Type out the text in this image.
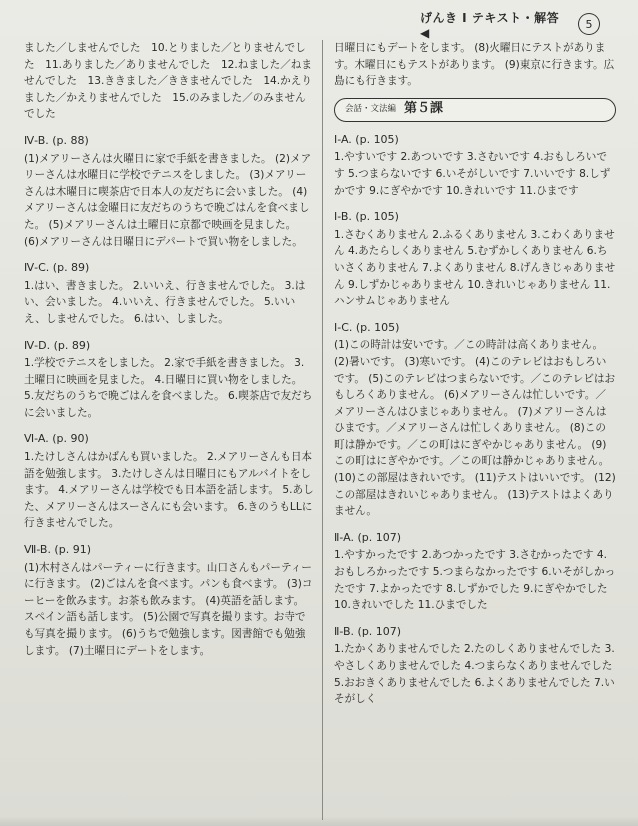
げんき I テキスト・解答◀
5

ました／しませんでした　10.とりました／とりませんでした　11.ありました／ありませんでした　12.ねました／ねませんでした　13.ききました／ききませんでした　14.かえりました／かえりませんでした　15.のみました／のみませんでした

Ⅳ-B. (p. 88)

(1)メアリーさんは火曜日に家で手紙を書きました。 (2)メアリーさんは水曜日に学校でテニスをしました。 (3)メアリーさんは木曜日に喫茶店で日本人の友だちに会いました。 (4)メアリーさんは金曜日に友だちのうちで晩ごはんを食べました。 (5)メアリーさんは土曜日に京都で映画を見ました。 (6)メアリーさんは日曜日にデパートで買い物をしました。

Ⅳ-C. (p. 89)

1.はい、書きました。 2.いいえ、行きませんでした。 3.はい、会いました。 4.いいえ、行きませんでした。 5.いいえ、しませんでした。 6.はい、しました。

Ⅳ-D. (p. 89)

1.学校でテニスをしました。 2.家で手紙を書きました。 3.土曜日に映画を見ました。 4.日曜日に買い物をしました。 5.友だちのうちで晩ごはんを食べました。 6.喫茶店で友だちに会いました。

Ⅵ-A. (p. 90)

1.たけしさんはかばんも買いました。 2.メアリーさんも日本語を勉強します。 3.たけしさんは日曜日にもアルバイトをします。 4.メアリーさんは学校でも日本語を話します。 5.あした、メアリーさんはスーさんにも会います。 6.きのうもLLに行きませんでした。

Ⅶ-B. (p. 91)

(1)木村さんはパーティーに行きます。山口さんもパーティーに行きます。 (2)ごはんを食べます。パンも食べます。 (3)コーヒーを飲みます。お茶も飲みます。 (4)英語を話します。スペイン語も話します。 (5)公園で写真を撮ります。お寺でも写真を撮ります。 (6)うちで勉強します。図書館でも勉強します。 (7)土曜日にデートをします。

日曜日にもデートをします。 (8)火曜日にテストがあります。木曜日にもテストがあります。 (9)東京に行きます。広島にも行きます。

会話・文法編 第５課
Ⅰ-A. (p. 105)

1.やすいです 2.あついです 3.さむいです 4.おもしろいです 5.つまらないです 6.いそがしいです 7.いいです 8.しずかです 9.にぎやかです 10.きれいです 11.ひまです

Ⅰ-B. (p. 105)

1.さむくありません 2.ふるくありません 3.こわくありません 4.あたらしくありません 5.むずかしくありません 6.ちいさくありません 7.よくありません 8.げんきじゃありません 9.しずかじゃありません 10.きれいじゃありません 11.ハンサムじゃありません

Ⅰ-C. (p. 105)

(1)この時計は安いです。／この時計は高くありません。 (2)暑いです。 (3)寒いです。 (4)このテレビはおもしろいです。 (5)このテレビはつまらないです。／このテレビはおもしろくありません。 (6)メアリーさんは忙しいです。／メアリーさんはひまじゃありません。 (7)メアリーさんはひまです。／メアリーさんは忙しくありません。 (8)この町は静かです。／この町はにぎやかじゃありません。 (9)この町はにぎやかです。／この町は静かじゃありません。 (10)この部屋はきれいです。 (11)テストはいいです。 (12)この部屋はきれいじゃありません。 (13)テストはよくありません。

Ⅱ-A. (p. 107)

1.やすかったです 2.あつかったです 3.さむかったです 4.おもしろかったです 5.つまらなかったです 6.いそがしかったです 7.よかったです 8.しずかでした 9.にぎやかでした 10.きれいでした 11.ひまでした

Ⅱ-B. (p. 107)

1.たかくありませんでした 2.たのしくありませんでした 3.やさしくありませんでした 4.つまらなくありませんでした 5.おおきくありませんでした 6.よくありませんでした 7.いそがしく
